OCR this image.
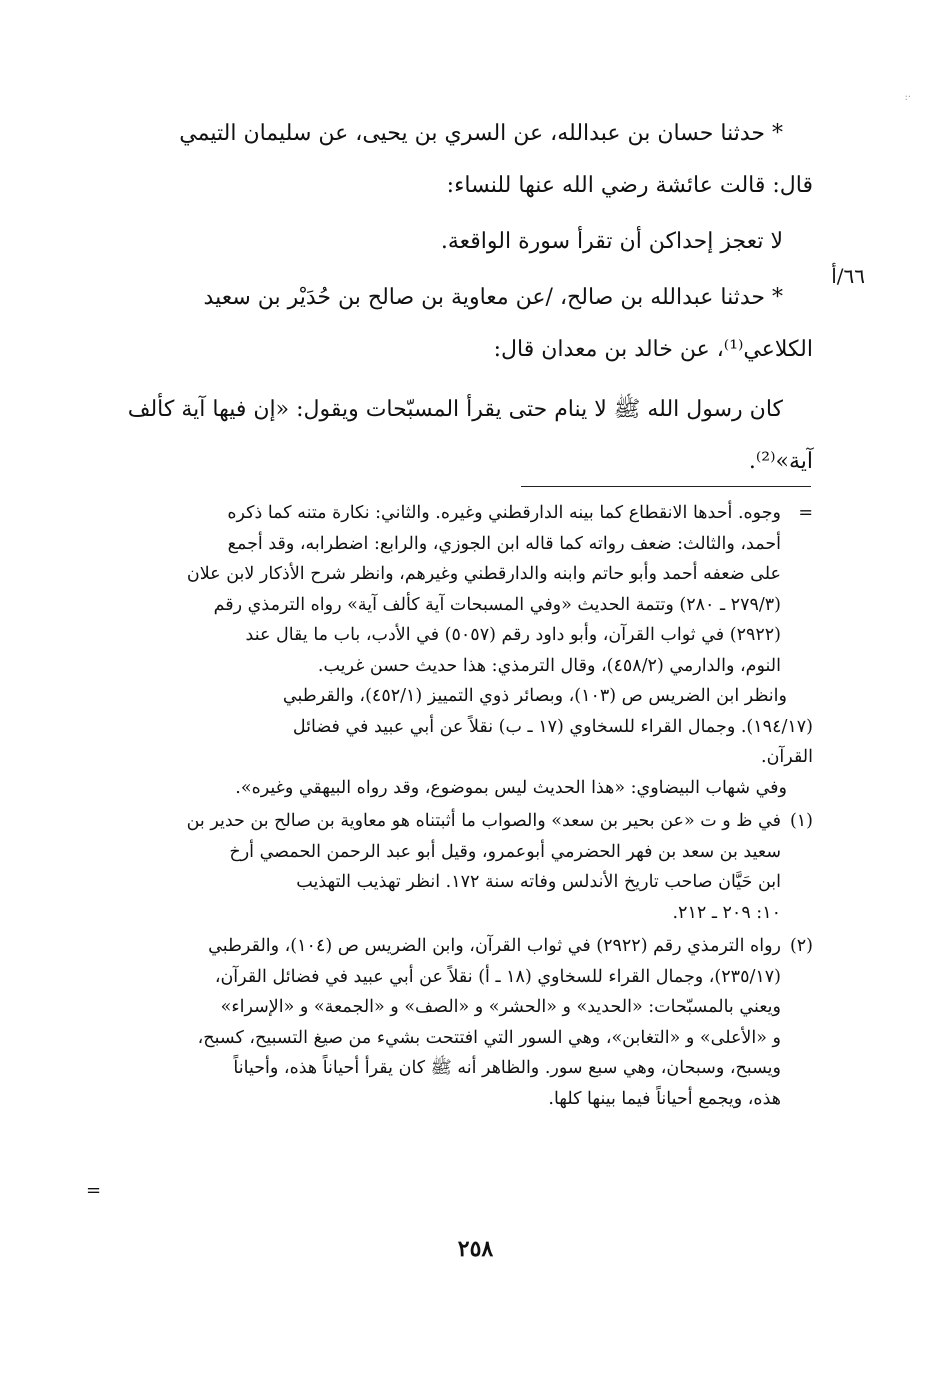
·:
٦٦/أ

* حدثنا حسان بن عبدالله، عن السري بن يحيى، عن سليمان التيمي

قال: قالت عائشة رضي الله عنها للنساء:

لا تعجز إحداكن أن تقرأ سورة الواقعة.

* حدثنا عبدالله بن صالح، /عن معاوية بن صالح بن حُدَيْر بن سعيد

الكلاعي⁽¹⁾، عن خالد بن معدان قال:

كان رسول الله ﷺ لا ينام حتى يقرأ المسبّحات ويقول: «إن فيها آية كألف

آية»⁽²⁾.

=

وجوه. أحدها الانقطاع كما بينه الدارقطني وغيره. والثاني: نكارة متنه كما ذكره

أحمد، والثالث: ضعف رواته كما قاله ابن الجوزي، والرابع: اضطرابه، وقد أجمع

على ضعفه أحمد وأبو حاتم وابنه والدارقطني وغيرهم، وانظر شرح الأذكار لابن علان

(٢٧٩/٣ ـ ٢٨٠) وتتمة الحديث «وفي المسبحات آية كألف آية» رواه الترمذي رقم

(٢٩٢٢) في ثواب القرآن، وأبو داود رقم (٥٠٥٧) في الأدب، باب ما يقال عند

النوم، والدارمي (٤٥٨/٢)، وقال الترمذي: هذا حديث حسن غريب.

وانظر ابن الضريس ص (١٠٣)، وبصائر ذوي التمييز (٤٥٢/١)، والقرطبي

(١٩٤/١٧). وجمال القراء للسخاوي (١٧ ـ ب) نقلاً عن أبي عبيد في فضائل

القرآن.

وفي شهاب البيضاوي: «هذا الحديث ليس بموضوع، وقد رواه البيهقي وغيره».

(١)

في ظ و ت «عن بحير بن سعد» والصواب ما أثبتناه هو معاوية بن صالح بن حدير بن

سعيد بن سعد بن فهر الحضرمي أبوعمرو، وقيل أبو عبد الرحمن الحمصي أرخ

ابن حَيَّان صاحب تاريخ الأندلس وفاته سنة ١٧٢. انظر تهذيب التهذيب

١٠: ٢٠٩ ـ ٢١٢.

(٢)

رواه الترمذي رقم (٢٩٢٢) في ثواب القرآن، وابن الضريس ص (١٠٤)، والقرطبي

(٢٣٥/١٧)، وجمال القراء للسخاوي (١٨ ـ أ) نقلاً عن أبي عبيد في فضائل القرآن،

ويعني بالمسبّحات: «الحديد» و «الحشر» و «الصف» و «الجمعة» و «الإسراء»

و «الأعلى» و «التغابن»، وهي السور التي افتتحت بشيء من صيغ التسبيح، كسبح،

ويسبح، وسبحان، وهي سبع سور. والظاهر أنه ﷺ كان يقرأ أحياناً هذه، وأحياناً

هذه، ويجمع أحياناً فيما بينها كلها.

=
٢٥٨
